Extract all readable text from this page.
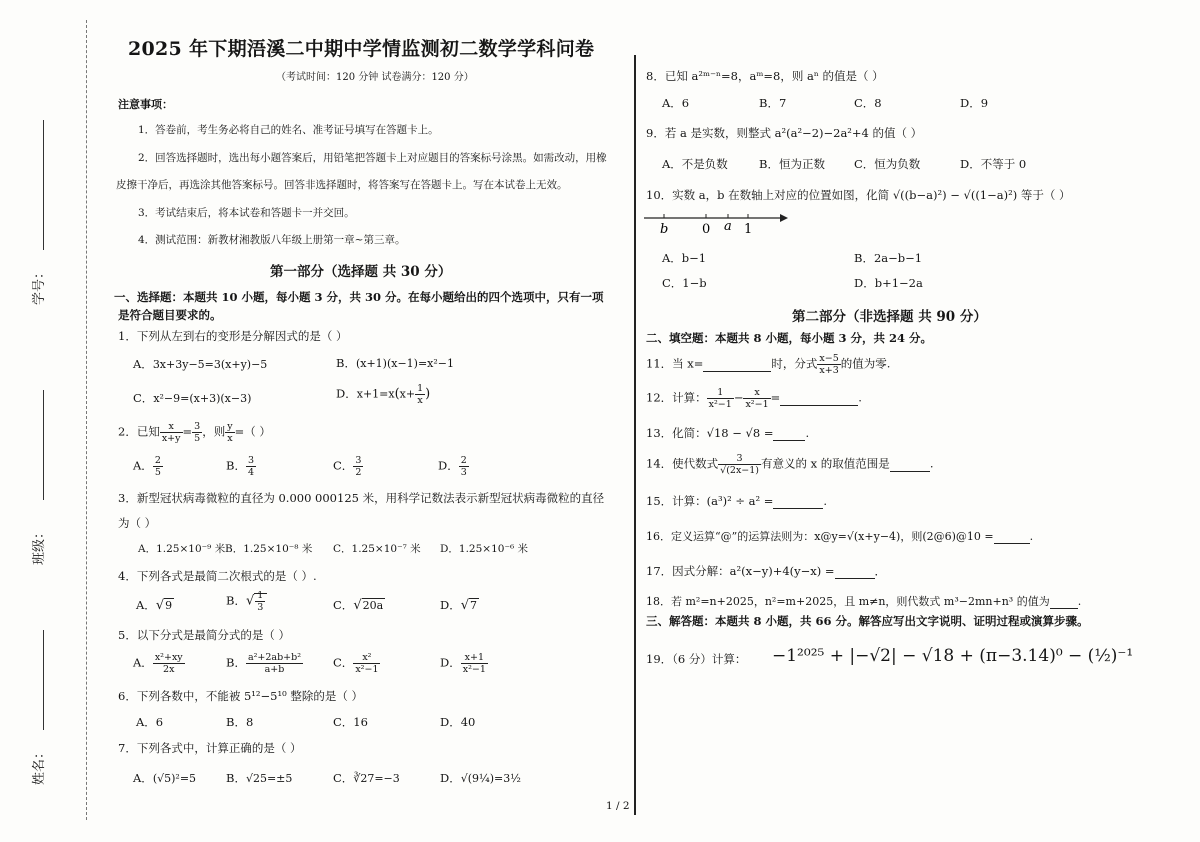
学号：
班级：
姓名：
2025 年下期浯溪二中期中学情监测初二数学学科问卷
（考试时间：120 分钟 试卷满分：120 分）
注意事项：
1．答卷前，考生务必将自己的姓名、准考证号填写在答题卡上。
2．回答选择题时，选出每小题答案后，用铅笔把答题卡上对应题目的答案标号涂黑。如需改动，用橡
皮擦干净后，再选涂其他答案标号。回答非选择题时，将答案写在答题卡上。写在本试卷上无效。
3．考试结束后，将本试卷和答题卡一并交回。
4．测试范围：新教材湘教版八年级上册第一章~第三章。
第一部分（选择题 共 30 分）
一、选择题：本题共 10 小题，每小题 3 分，共 30 分。在每小题给出的四个选项中，只有一项
是符合题目要求的。
1．下列从左到右的变形是分解因式的是（ ）
A．3x+3y−5=3(x+y)−5	B．(x+1)(x−1)=x²−1
C．x²−9=(x+3)(x−3)	D．$x+1=x(x+ \frac{1}{x}$ )
2．已知 $\frac{x}{x+y} = \frac{3}{5}$ ，则 $\frac{y}{x}$ =（ ）
A． $\frac{2}{5}$	B． $\frac{3}{4}$	C． $\frac{3}{2}$	D． $\frac{2}{3}$
3．新型冠状病毒微粒的直径为 0.000 000125 米，用科学记数法表示新型冠状病毒微粒的直径
为（ ）
A．1.25×10⁻⁹ 米 B．1.25×10⁻⁸ 米 C．1.25×10⁻⁷ 米 D．1.25×10⁻⁶ 米
4．下列各式是最简二次根式的是（ ）.
A．√9	B．√ $\frac{1}{3}$	C．√20a	D．√7
5．以下分式是最简分式的是（ ）
A． $\frac{\text{x²+xy}}{2x}$	B． $\frac{\text{a²+2ab+b²}}{a+b}$	C． $\frac{\text{x²}}{\text{x²−1}}$	D． $\frac{x+1}{\text{x²−1}}$
6．下列各数中，不能被 5¹²−5¹⁰ 整除的是（ ）
A．6	B．8	C．16	D．40
7．下列各式中，计算正确的是（ ）
A．(√5)²=5	B．√25=±5	C．∛27=−3	D．√(9¼)=3½
8．已知 a²ᵐ⁻ⁿ=8，aᵐ=8，则 aⁿ 的值是（ ）
A．6	B．7	C．8	D．9
9．若 a 是实数，则整式 a²(a²−2)−2a²+4 的值（ ）
A．不是负数	B．恒为正数	C．恒为负数	D．不等于 0
10．实数 a，b 在数轴上对应的位置如图，化简 √((b−a)²) − √((1−a)²) 等于（ ）
b	0 a 1
A．b−1	B．2a−b−1
C．1−b	D．b+1−2a
第二部分（非选择题 共 90 分）
二、填空题：本题共 8 小题，每小题 3 分，共 24 分。
11．当 x=	时，分式 $\frac{x-5}{x+3}$ 的值为零.
12．计算： $\frac{1}{\text{x²−1}} - \frac{x}{\text{x²−1}}$ =	.
13．化简：√18 − √8 =	.
14．使代数式 $\frac{3}{√(2x-1)}$ 有意义的 x 的取值范围是	.
15．计算：(a³)² ÷ a² =	.
16．定义运算“@”的运算法则为：x@y=√(x+y−4)，则(2@6)@10 =	.
17．因式分解：a²(x−y)+4(y−x) =	．
18．若 m²=n+2025，n²=m+2025，且 m≠n，则代数式 m³−2mn+n³ 的值为	.
三、解答题：本题共 8 小题，共 66 分。解答应写出文字说明、证明过程或演算步骤。
19．（6 分）计算： −1²⁰²⁵ + |−√2| − √18 + (π−3.14)⁰ − (½)⁻¹
1 / 2
